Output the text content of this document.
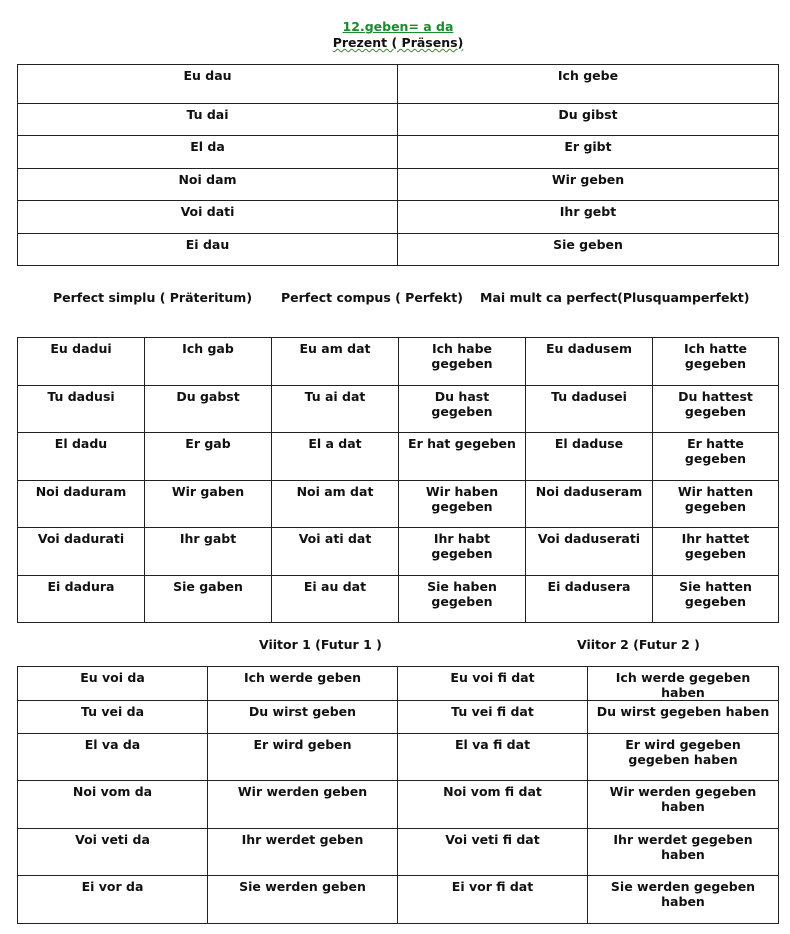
12.geben= a da
Prezent ( Präsens)
Eu dau	Ich gebe
Tu dai	Du gibst
El da	Er gibt
Noi dam	Wir geben
Voi dati	Ihr gebt
Ei dau	Sie geben
Perfect simplu ( Präteritum) Perfect compus ( Perfekt) Mai mult ca perfect(Plusquamperfekt)
Eu dadui	Ich gab	Eu am dat	Ich habe gegeben	Eu dadusem	Ich hatte gegeben
Tu dadusi	Du gabst	Tu ai dat	Du hast gegeben	Tu dadusei	Du hattest gegeben
El dadu	Er gab	El a dat	Er hat gegeben	El daduse	Er hatte gegeben
Noi daduram	Wir gaben	Noi am dat	Wir haben gegeben	Noi daduseram	Wir hatten gegeben
Voi dadurati	Ihr gabt	Voi ati dat	Ihr habt gegeben	Voi daduserati	Ihr hattet gegeben
Ei dadura	Sie gaben	Ei au dat	Sie haben gegeben	Ei dadusera	Sie hatten gegeben
Viitor 1 (Futur 1 )	Viitor 2 (Futur 2 )
Eu voi da	Ich werde geben	Eu voi fi dat	Ich werde gegeben haben
Tu vei da	Du wirst geben	Tu vei fi dat	Du wirst gegeben haben
El va da	Er wird geben	El va fi dat	Er wird gegeben gegeben haben
Noi vom da	Wir werden geben	Noi vom fi dat	Wir werden gegeben haben
Voi veti da	Ihr werdet geben	Voi veti fi dat	Ihr werdet gegeben haben
Ei vor da	Sie werden geben	Ei vor fi dat	Sie werden gegeben haben
